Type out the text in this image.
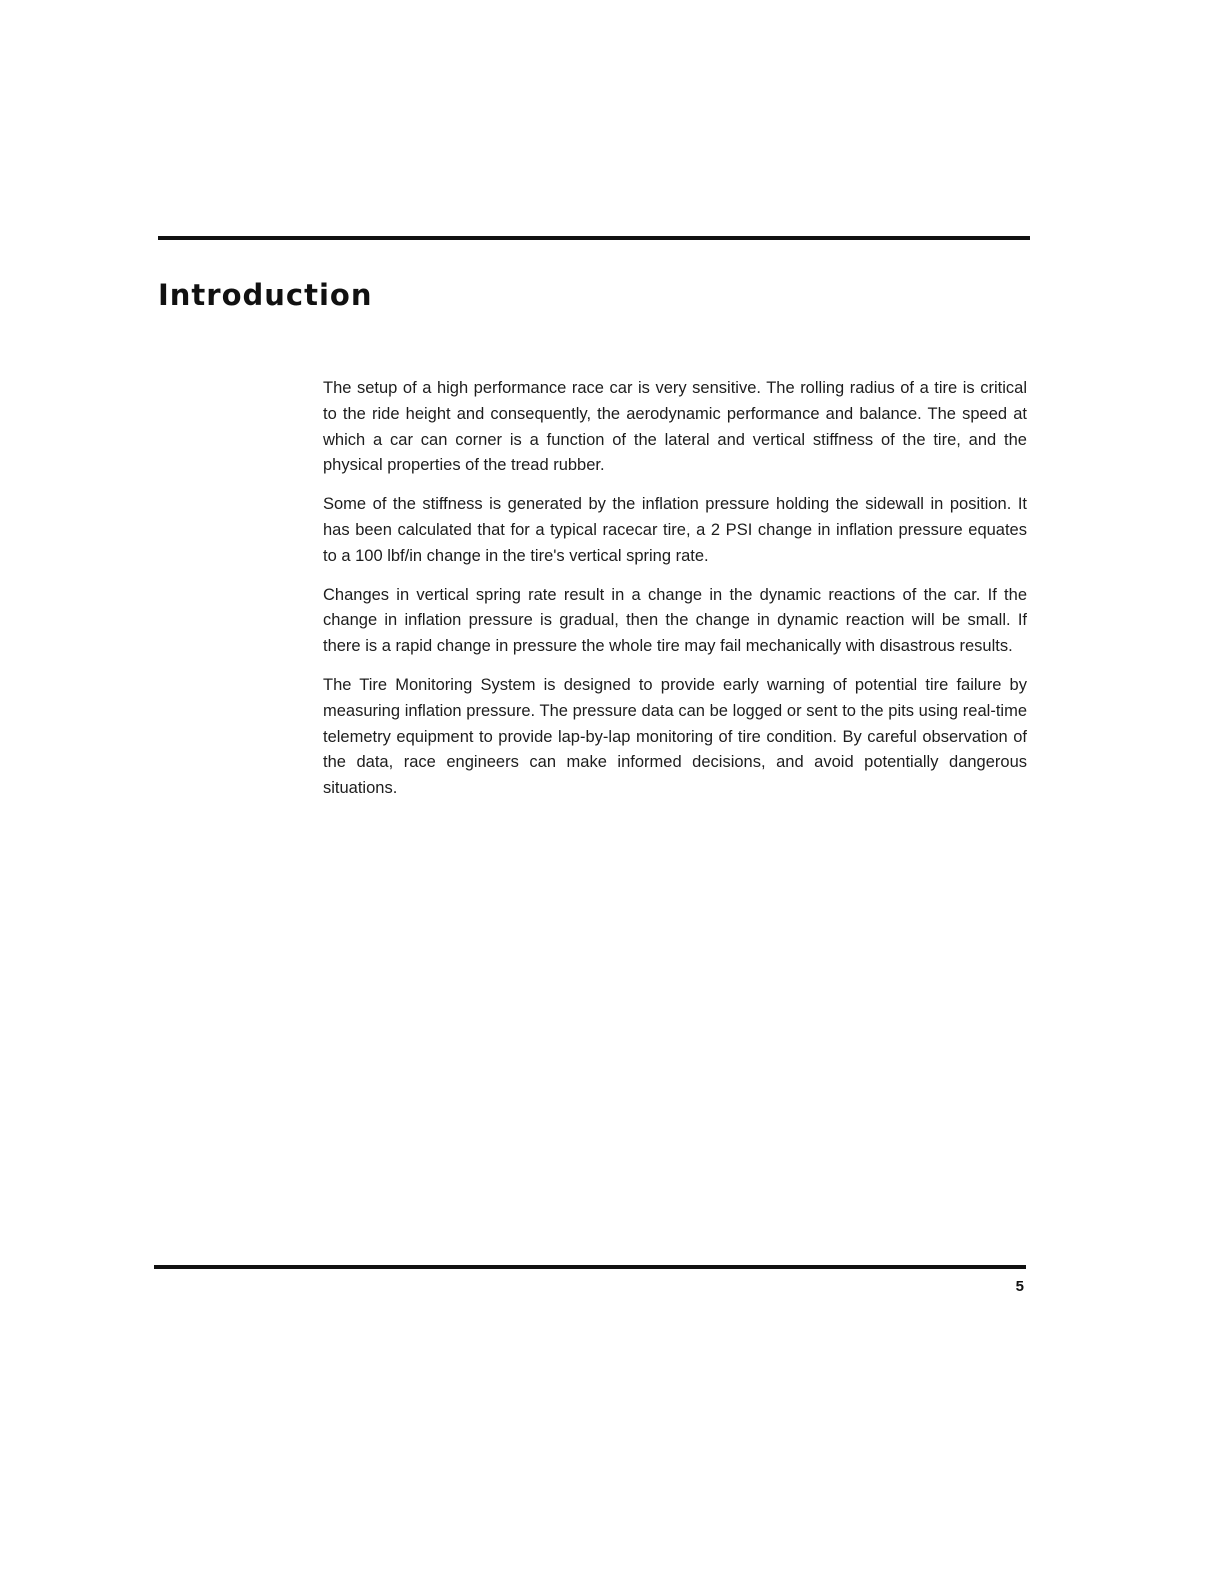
Introduction

The setup of a high performance race car is very sensitive. The rolling radius of a tire is critical to the ride height and consequently, the aerodynamic performance and balance. The speed at which a car can corner is a function of the lateral and vertical stiffness of the tire, and the physical properties of the tread rubber.

Some of the stiffness is generated by the inflation pressure holding the sidewall in position. It has been calculated that for a typical racecar tire, a 2 PSI change in inflation pressure equates to a 100 lbf/in change in the tire's vertical spring rate.

Changes in vertical spring rate result in a change in the dynamic reactions of the car. If the change in inflation pressure is gradual, then the change in dynamic reaction will be small. If there is a rapid change in pressure the whole tire may fail mechanically with disastrous results.

The Tire Monitoring System is designed to provide early warning of potential tire failure by measuring inflation pressure. The pressure data can be logged or sent to the pits using real-time telemetry equipment to provide lap-by-lap monitoring of tire condition. By careful observation of the data, race engineers can make informed decisions, and avoid potentially dangerous situations.

5
